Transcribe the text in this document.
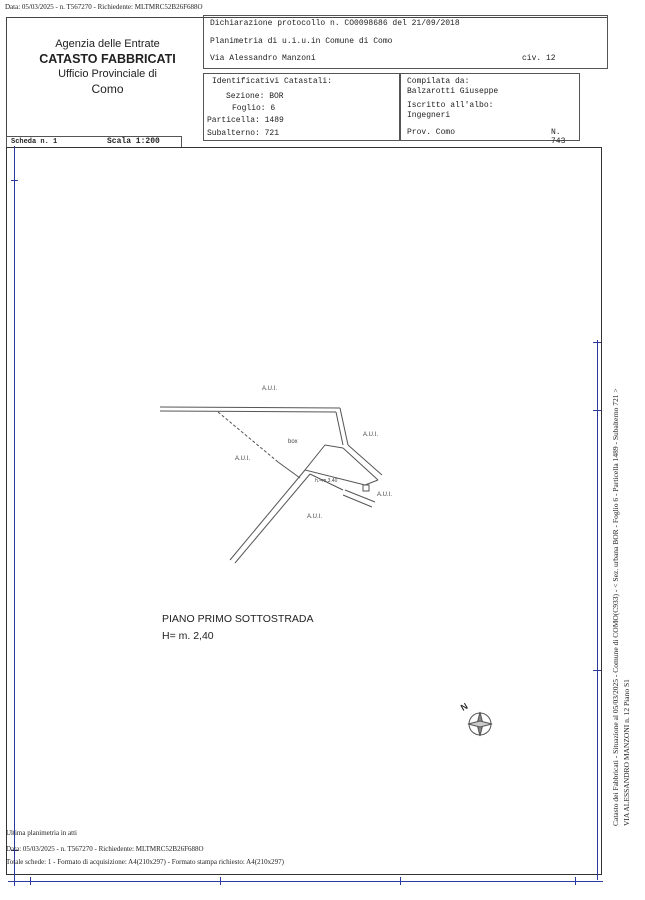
Data: 05/03/2025 - n. T567270 - Richiedente: MLTMRC52B26F688O
Agenzia delle Entrate
CATASTO FABBRICATI
Ufficio Provinciale di
Como
Dichiarazione protocollo n. CO0098686 del 21/09/2018
Planimetria di u.i.u.in Comune di Como
Via Alessandro Manzoni	civ. 12
Identificativi Catastali:
Sezione: BOR
Foglio: 6
Particella: 1489
Subalterno: 721
Compilata da:
Balzarotti Giuseppe
Iscritto all'albo:
Ingegneri
Prov. Como	N. 743
Scheda n. 1	Scala 1:200
A.U.I.
A.U.I.
A.U.I.
A.U.I.
A.U.I.
box
h.=m.3.40
PIANO PRIMO SOTTOSTRADA
H= m. 2,40
N	Catasto dei Fabbricati - Situazione al 05/03/2025 - Comune di COMO(C933) - < Sez. urbana BOR - Foglio 6 - Particella 1489 - Subalterno 721 > VIA ALESSANDRO MANZONI n. 12 Piano S1
Ultima planimetria in atti
Data: 05/03/2025 - n. T567270 - Richiedente: MLTMRC52B26F688O
Totale schede: 1 - Formato di acquisizione: A4(210x297) - Formato stampa richiesto: A4(210x297)
